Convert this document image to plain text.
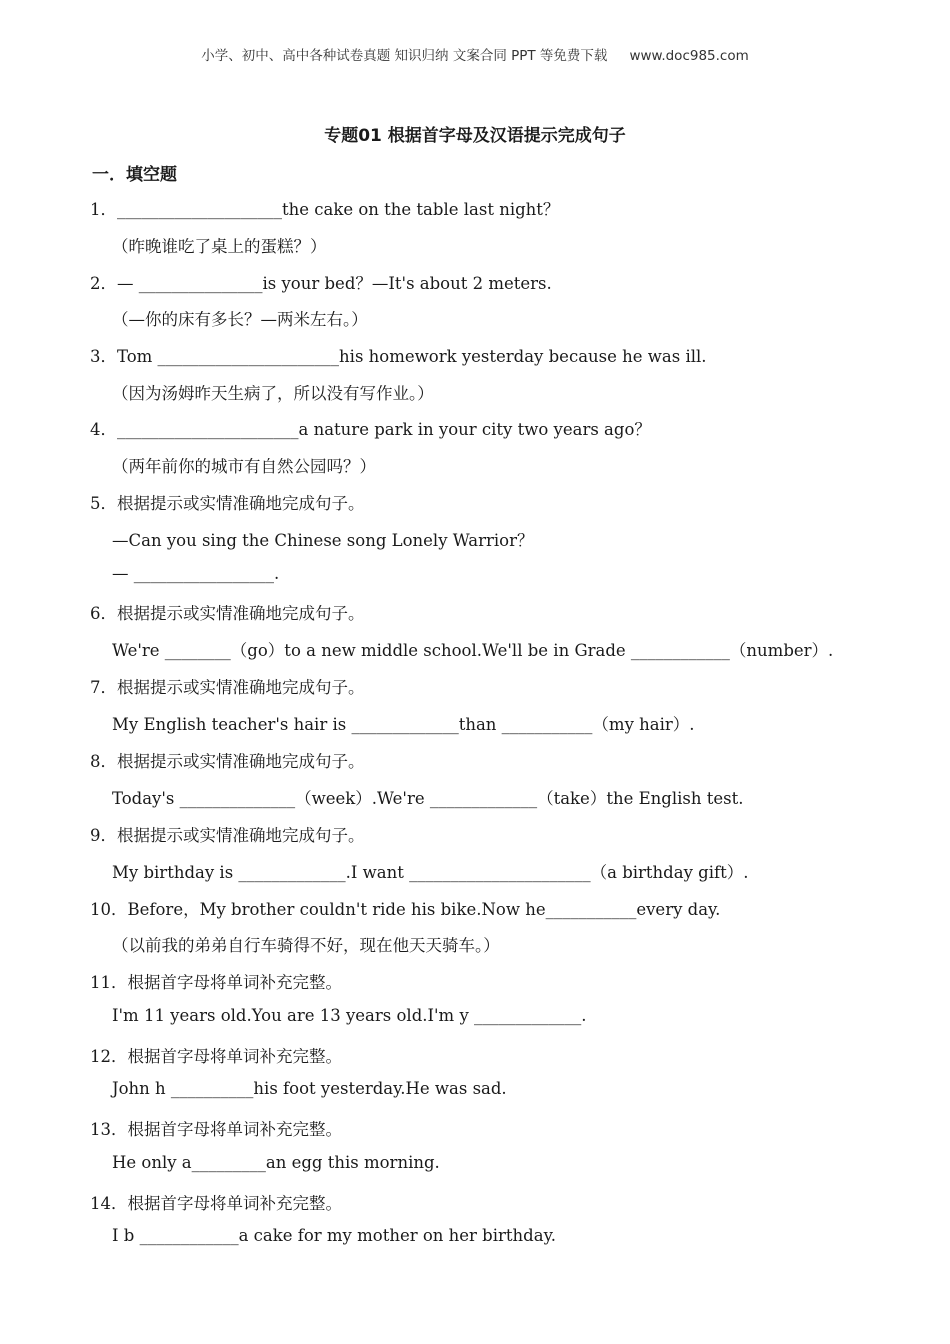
小学、初中、高中各种试卷真题 知识归纳 文案合同 PPT 等免费下载 www.doc985.com
专题01 根据首字母及汉语提示完成句子
一．填空题
1．____________________the cake on the table last night？
（昨晚谁吃了桌上的蛋糕？）
2．— _______________is your bed？—It's about 2 meters.
（—你的床有多长？—两米左右。）
3．Tom ______________________his homework yesterday because he was ill.
（因为汤姆昨天生病了，所以没有写作业。）
4．______________________a nature park in your city two years ago？
（两年前你的城市有自然公园吗？）
5．根据提示或实情准确地完成句子。
—Can you sing the Chinese song Lonely Warrior？
— _________________.
6．根据提示或实情准确地完成句子。
We're ________（go）to a new middle school.We'll be in Grade ____________（number）.
7．根据提示或实情准确地完成句子。
My English teacher's hair is _____________than ___________（my hair）.
8．根据提示或实情准确地完成句子。
Today's ______________（week）.We're _____________（take）the English test.
9．根据提示或实情准确地完成句子。
My birthday is _____________.I want ______________________（a birthday gift）.
10．Before，My brother couldn't ride his bike.Now he___________every day.
（以前我的弟弟自行车骑得不好，现在他天天骑车。）
11．根据首字母将单词补充完整。
I'm 11 years old.You are 13 years old.I'm y _____________.
12．根据首字母将单词补充完整。
John h __________his foot yesterday.He was sad.
13．根据首字母将单词补充完整。
He only a_________an egg this morning.
14．根据首字母将单词补充完整。
I b ____________a cake for my mother on her birthday.
